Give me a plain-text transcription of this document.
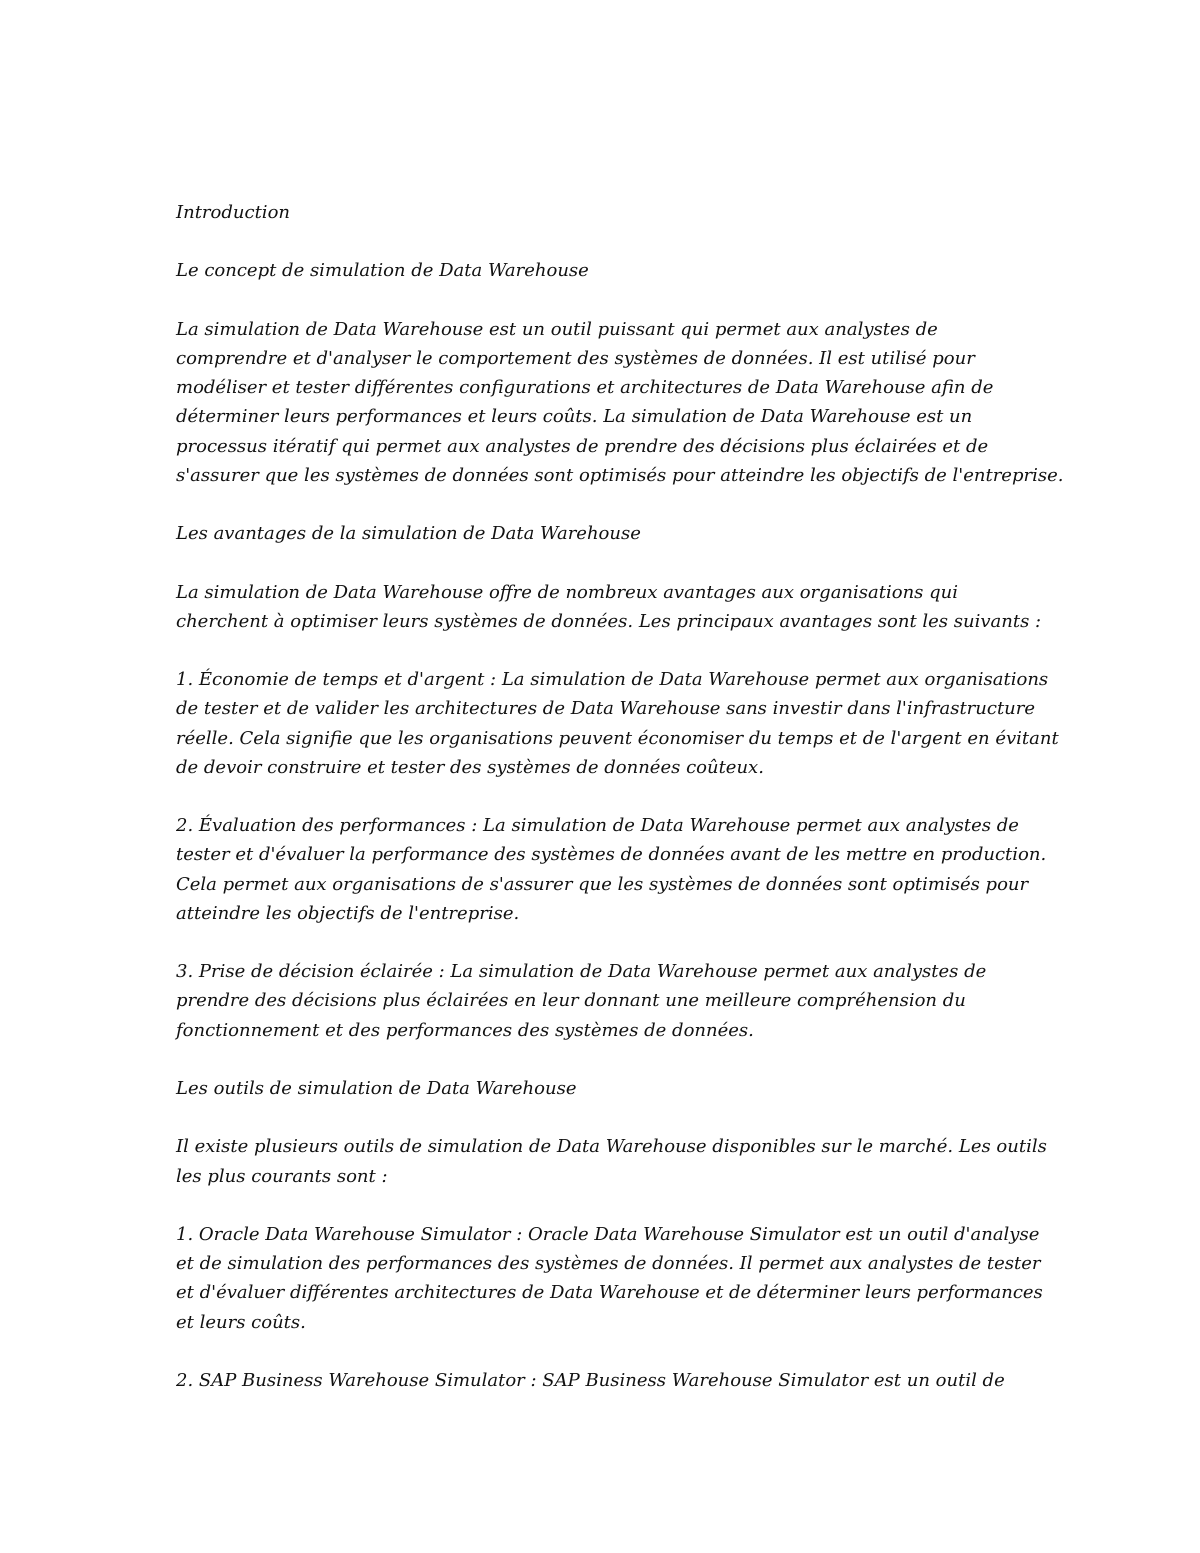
Introduction

Le concept de simulation de Data Warehouse

La simulation de Data Warehouse est un outil puissant qui permet aux analystes de
comprendre et d'analyser le comportement des systèmes de données. Il est utilisé pour
modéliser et tester différentes configurations et architectures de Data Warehouse afin de
déterminer leurs performances et leurs coûts. La simulation de Data Warehouse est un
processus itératif qui permet aux analystes de prendre des décisions plus éclairées et de
s'assurer que les systèmes de données sont optimisés pour atteindre les objectifs de l'entreprise.

Les avantages de la simulation de Data Warehouse

La simulation de Data Warehouse offre de nombreux avantages aux organisations qui
cherchent à optimiser leurs systèmes de données. Les principaux avantages sont les suivants :

1. Économie de temps et d'argent : La simulation de Data Warehouse permet aux organisations
de tester et de valider les architectures de Data Warehouse sans investir dans l'infrastructure
réelle. Cela signifie que les organisations peuvent économiser du temps et de l'argent en évitant
de devoir construire et tester des systèmes de données coûteux.

2. Évaluation des performances : La simulation de Data Warehouse permet aux analystes de
tester et d'évaluer la performance des systèmes de données avant de les mettre en production.
Cela permet aux organisations de s'assurer que les systèmes de données sont optimisés pour
atteindre les objectifs de l'entreprise.

3. Prise de décision éclairée : La simulation de Data Warehouse permet aux analystes de
prendre des décisions plus éclairées en leur donnant une meilleure compréhension du
fonctionnement et des performances des systèmes de données.

Les outils de simulation de Data Warehouse

Il existe plusieurs outils de simulation de Data Warehouse disponibles sur le marché. Les outils
les plus courants sont :

1. Oracle Data Warehouse Simulator : Oracle Data Warehouse Simulator est un outil d'analyse
et de simulation des performances des systèmes de données. Il permet aux analystes de tester
et d'évaluer différentes architectures de Data Warehouse et de déterminer leurs performances
et leurs coûts.

2. SAP Business Warehouse Simulator : SAP Business Warehouse Simulator est un outil de
